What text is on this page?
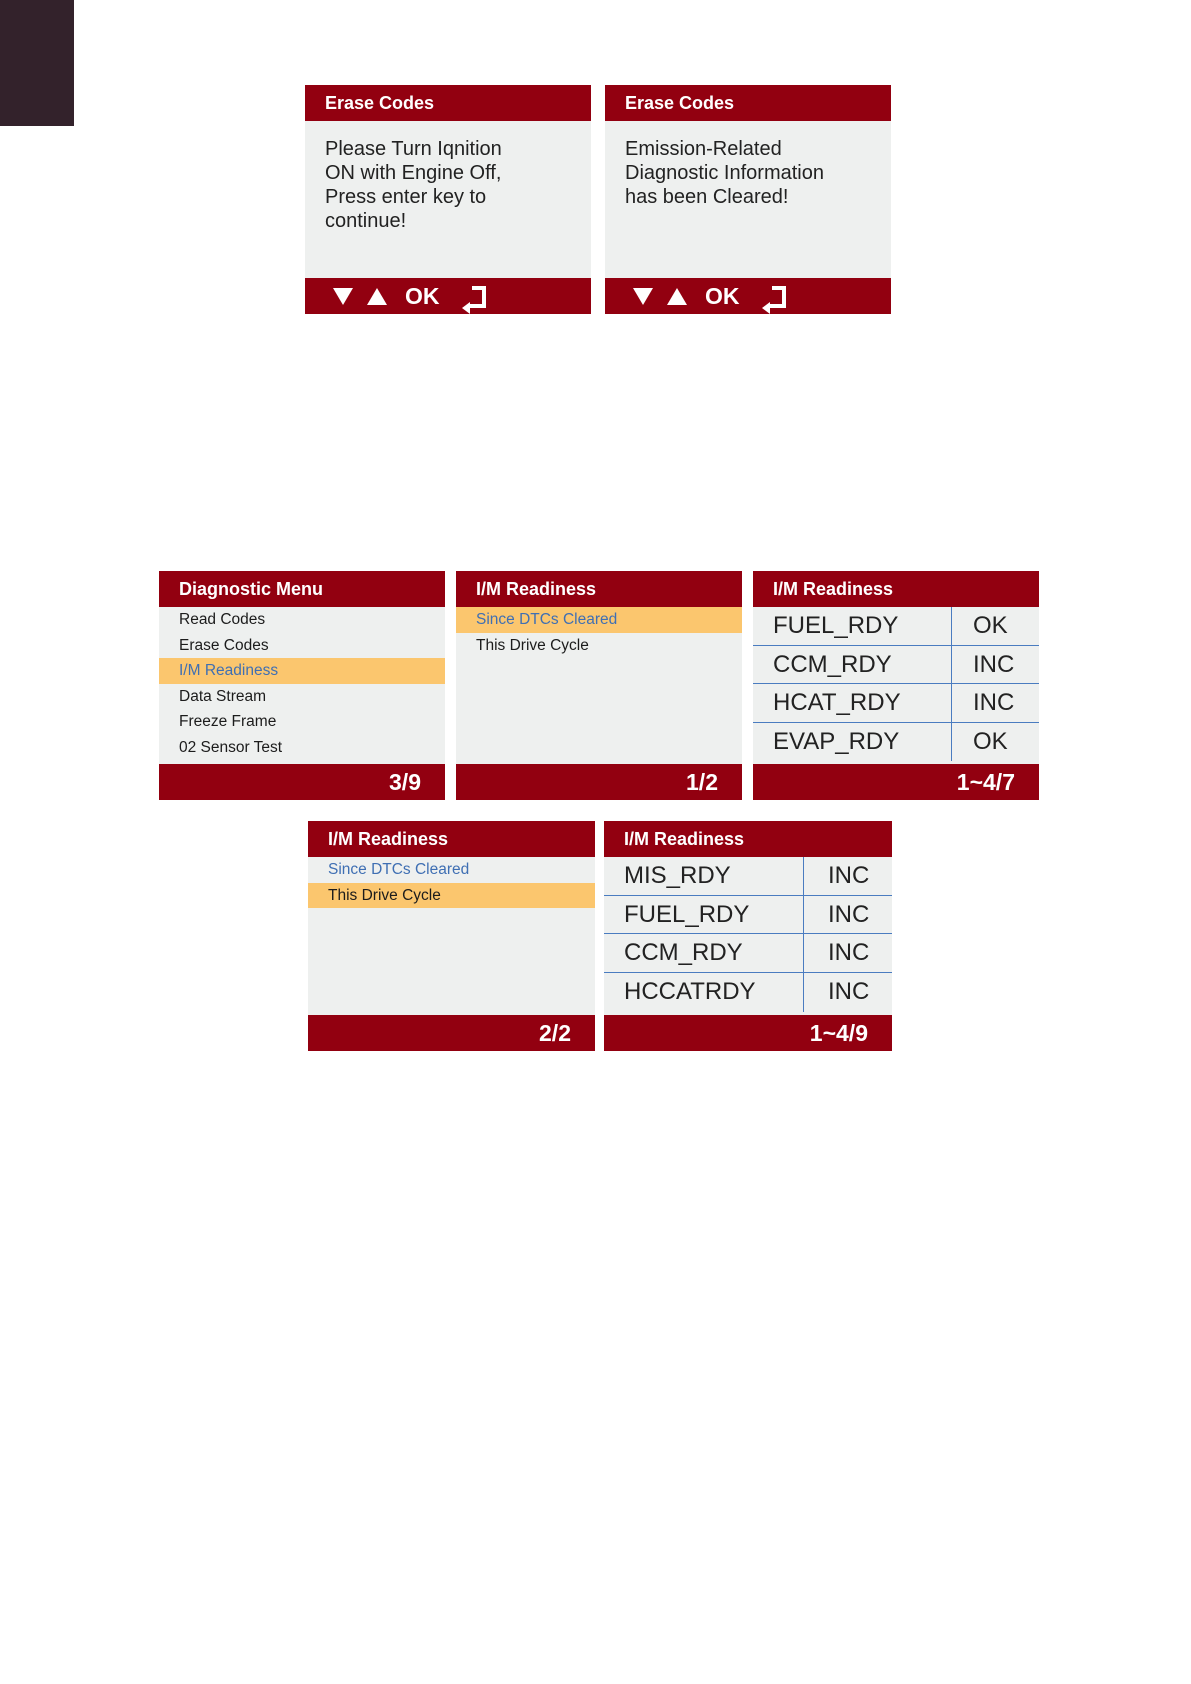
Erase Codes
Please Turn Iqnition
ON with Engine Off,
Press enter key to
continue!
OK
Erase Codes
Emission-Related
Diagnostic Information
has been Cleared!
OK
Diagnostic Menu
Read Codes
Erase Codes
I/M Readiness
Data Stream
Freeze Frame
02 Sensor Test
3/9
I/M Readiness
Since DTCs Cleared
This Drive Cycle
1/2
I/M Readiness
FUEL_RDY	OK
CCM_RDY	INC
HCAT_RDY	INC
EVAP_RDY	OK
1~4/7
I/M Readiness
Since DTCs Cleared
This Drive Cycle
2/2
I/M Readiness
MIS_RDY	INC
FUEL_RDY	INC
CCM_RDY	INC
HCCATRDY	INC
1~4/9
